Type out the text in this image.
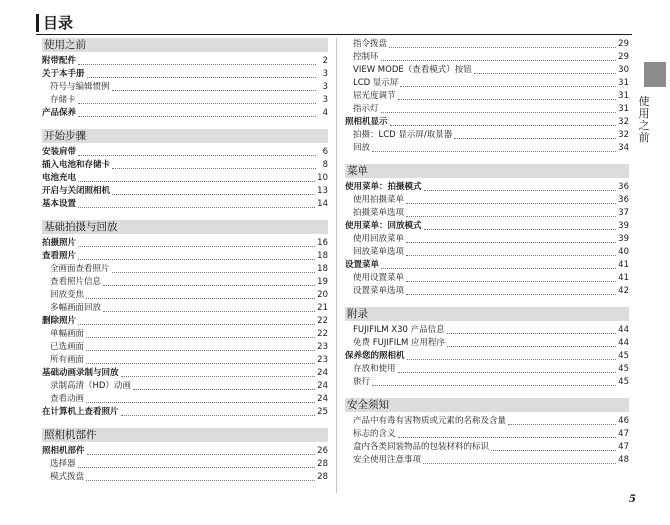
目录
使用之前
附带配件	2
关于本手册	3
符号与编辑惯例	3
存储卡	3
产品保养	4
开始步骤
安装肩带	6
插入电池和存储卡	8
电池充电	10
开启与关闭照相机	13
基本设置	14
基础拍摄与回放
拍摄照片	16
查看照片	18
全画面查看照片	18
查看照片信息	19
回放变焦	20
多幅画面回放	21
删除照片	22
单幅画面	22
已选画面	23
所有画面	23
基础动画录制与回放	24
录制高清（HD）动画	24
查看动画	24
在计算机上查看照片	25
照相机部件
照相机部件	26
选择器	28
模式拨盘	28
指令拨盘	29
控制环	29
VIEW MODE（查看模式）按钮	30
LCD 显示屏	31
屈光度调节	31
指示灯	31
照相机显示	32
拍摄：LCD 显示屏/取景器	32
回放	34
菜单
使用菜单：拍摄模式	36
使用拍摄菜单	36
拍摄菜单选项	37
使用菜单：回放模式	39
使用回放菜单	39
回放菜单选项	40
设置菜单	41
使用设置菜单	41
设置菜单选项	42
附录
FUJIFILM X30 产品信息	44
免费 FUJIFILM 应用程序	44
保养您的照相机	45
存放和使用	45
旅行	45
安全须知
产品中有毒有害物质或元素的名称及含量	46
标志的含义	47
盒内各类同装物品的包装材料的标识	47
安全使用注意事项	48
使用之前
5
